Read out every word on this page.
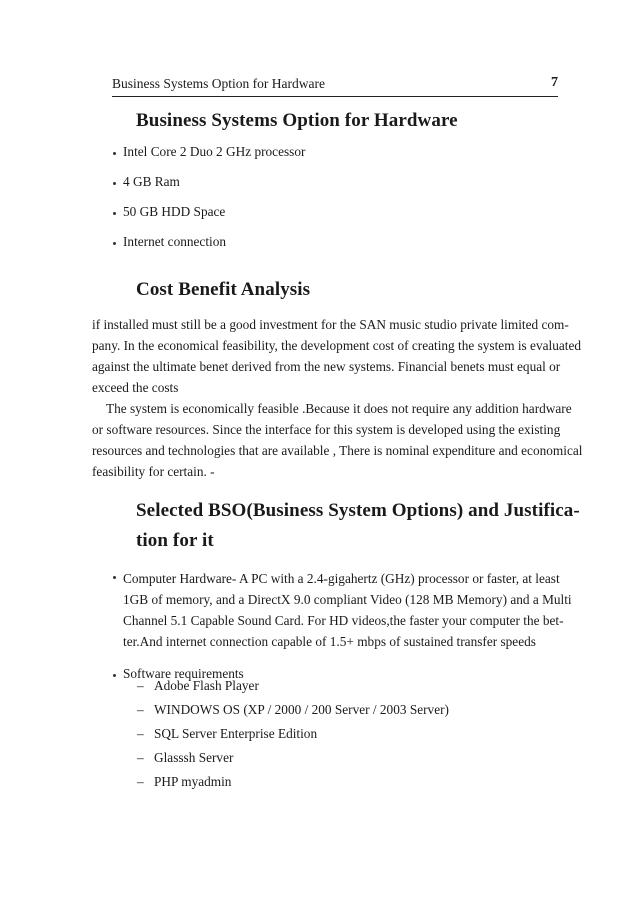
Business Systems Option for Hardware	7
Business Systems Option for Hardware
Intel Core 2 Duo 2 GHz processor
4 GB Ram
50 GB HDD Space
Internet connection
Cost Benefit Analysis
if installed must still be a good investment for the SAN music studio private limited com-
pany. In the economical feasibility, the development cost of creating the system is evaluated
against the ultimate benet derived from the new systems. Financial benets must equal or
exceed the costs
The system is economically feasible .Because it does not require any addition hardware
or software resources. Since the interface for this system is developed using the existing
resources and technologies that are available , There is nominal expenditure and economical
feasibility for certain. -
Selected BSO(Business System Options) and Justifica-
tion for it
Computer Hardware- A PC with a 2.4-gigahertz (GHz) processor or faster, at least
1GB of memory, and a DirectX 9.0 compliant Video (128 MB Memory) and a Multi
Channel 5.1 Capable Sound Card. For HD videos,the faster your computer the bet-
ter.And internet connection capable of 1.5+ mbps of sustained transfer speeds
Software requirements
– Adobe Flash Player
– WINDOWS OS (XP / 2000 / 200 Server / 2003 Server)
– SQL Server Enterprise Edition
– Glasssh Server
– PHP myadmin
